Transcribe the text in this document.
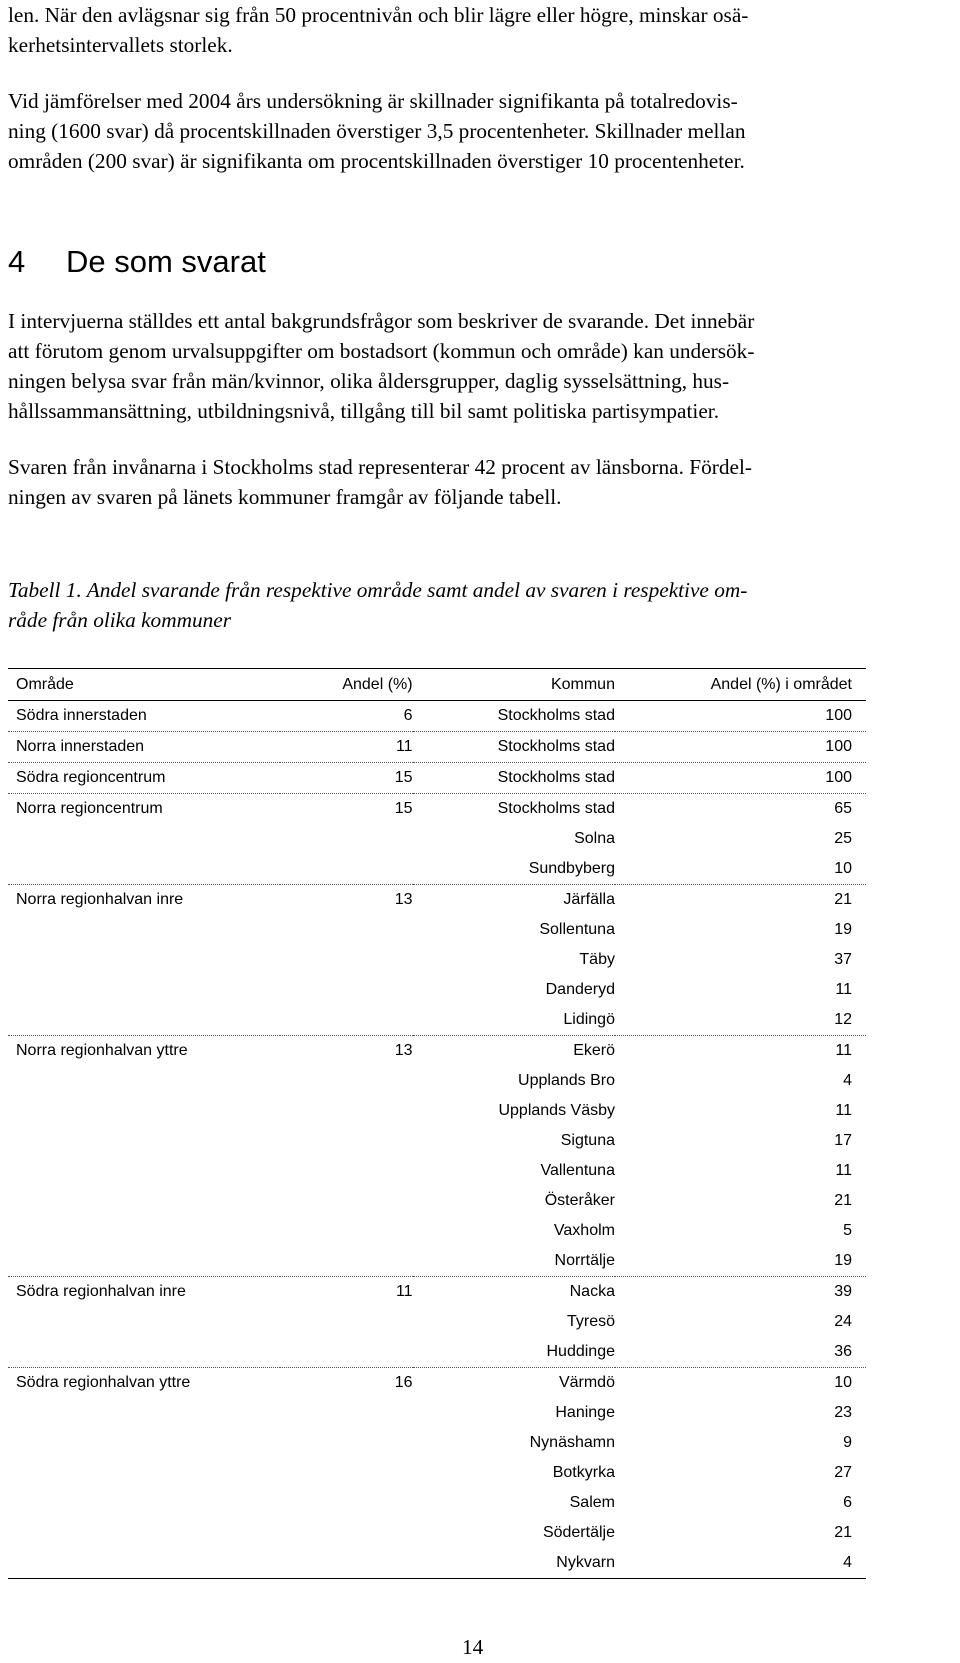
len. När den avlägsnar sig från 50 procentnivån och blir lägre eller högre, minskar osä-
kerhetsintervallets storlek.

Vid jämförelser med 2004 års undersökning är skillnader signifikanta på totalredovis-
ning (1600 svar) då procentskillnaden överstiger 3,5 procentenheter. Skillnader mellan
områden (200 svar) är signifikanta om procentskillnaden överstiger 10 procentenheter.

4 De som svarat

I intervjuerna ställdes ett antal bakgrundsfrågor som beskriver de svarande. Det innebär
att förutom genom urvalsuppgifter om bostadsort (kommun och område) kan undersök-
ningen belysa svar från män/kvinnor, olika åldersgrupper, daglig sysselsättning, hus-
hållssammansättning, utbildningsnivå, tillgång till bil samt politiska partisympatier.

Svaren från invånarna i Stockholms stad representerar 42 procent av länsborna. Fördel-
ningen av svaren på länets kommuner framgår av följande tabell.

Tabell 1. Andel svarande från respektive område samt andel av svaren i respektive om-
råde från olika kommuner

Område	Andel (%)	Kommun	Andel (%) i området
Södra innerstaden	6	Stockholms stad	100
Norra innerstaden	11	Stockholms stad	100
Södra regioncentrum	15	Stockholms stad	100
Norra regioncentrum	15	Stockholms stad	65
		Solna	25
		Sundbyberg	10
Norra regionhalvan inre	13	Järfälla	21
		Sollentuna	19
		Täby	37
		Danderyd	11
		Lidingö	12
Norra regionhalvan yttre	13	Ekerö	11
		Upplands Bro	4
		Upplands Väsby	11
		Sigtuna	17
		Vallentuna	11
		Österåker	21
		Vaxholm	5
		Norrtälje	19
Södra regionhalvan inre	11	Nacka	39
		Tyresö	24
		Huddinge	36
Södra regionhalvan yttre	16	Värmdö	10
		Haninge	23
		Nynäshamn	9
		Botkyrka	27
		Salem	6
		Södertälje	21
		Nykvarn	4
14
